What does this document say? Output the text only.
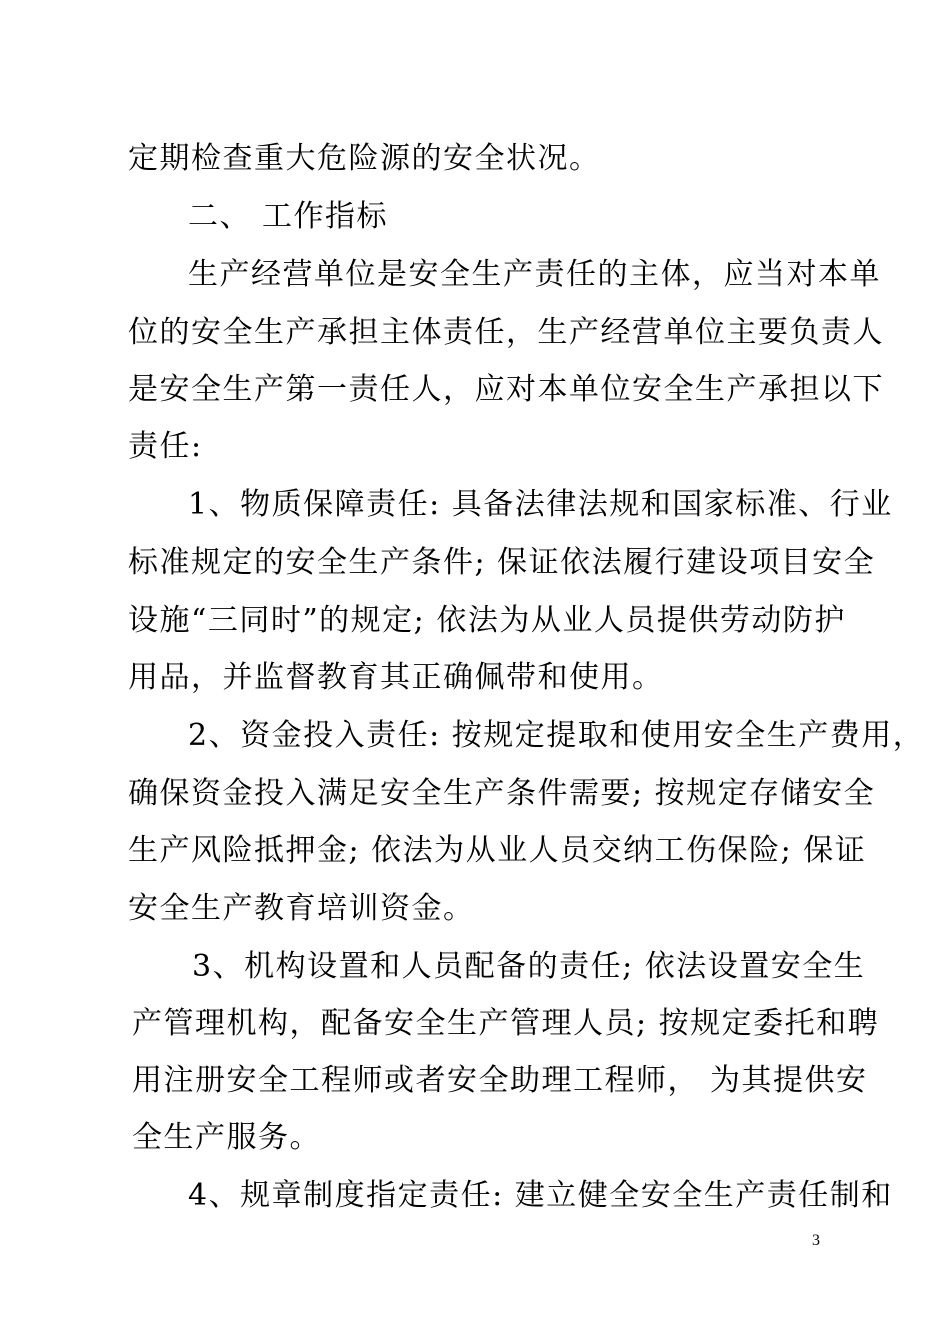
定期检查重大危险源的安全状况。
二、 工作指标
生产经营单位是安全生产责任的主体，应当对本单
位的安全生产承担主体责任，生产经营单位主要负责人
是安全生产第一责任人，应对本单位安全生产承担以下
责任:
1、物质保障责任: 具备法律法规和国家标准、行业
标准规定的安全生产条件; 保证依法履行建设项目安全
设施“三同时”的规定; 依法为从业人员提供劳动防护
用品，并监督教育其正确佩带和使用。
2、资金投入责任: 按规定提取和使用安全生产费用，
确保资金投入满足安全生产条件需要; 按规定存储安全
生产风险抵押金; 依法为从业人员交纳工伤保险; 保证
安全生产教育培训资金。
3、机构设置和人员配备的责任; 依法设置安全生
产管理机构，配备安全生产管理人员; 按规定委托和聘
用注册安全工程师或者安全助理工程师， 为其提供安
全生产服务。
4、规章制度指定责任: 建立健全安全生产责任制和
3
